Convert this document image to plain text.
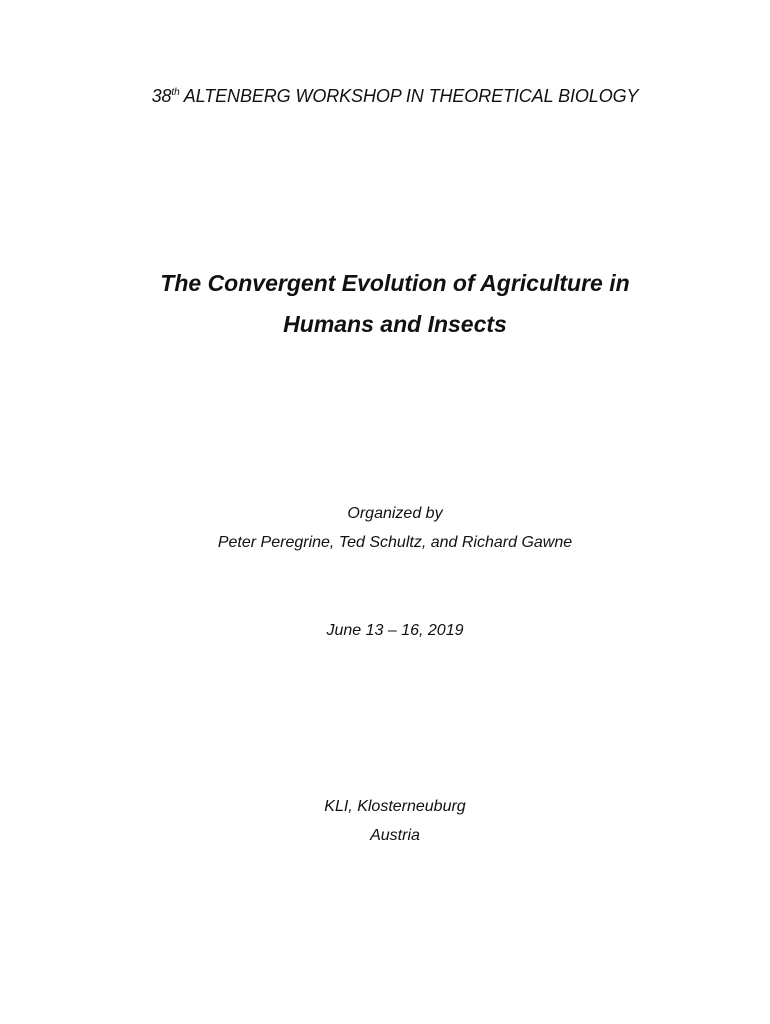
38th ALTENBERG WORKSHOP IN THEORETICAL BIOLOGY
The Convergent Evolution of Agriculture in
Humans and Insects
Organized by
Peter Peregrine, Ted Schultz, and Richard Gawne
June 13 – 16, 2019
KLI, Klosterneuburg
Austria
